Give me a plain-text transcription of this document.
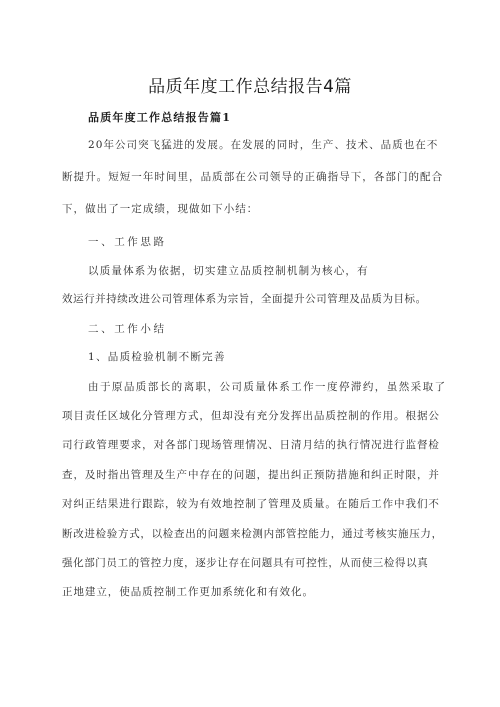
品质年度工作总结报告4篇
品质年度工作总结报告篇1
20年公司突飞猛进的发展。在发展的同时，生产、技术、品质也在不
断提升。短短一年时间里，品质部在公司领导的正确指导下，各部门的配合
下，做出了一定成绩，现做如下小结：
一、工作思路
以质量体系为依据，切实建立品质控制机制为核心，有
效运行并持续改进公司管理体系为宗旨，全面提升公司管理及品质为目标。
二、工作小结
1、品质检验机制不断完善
由于原品质部长的离职，公司质量体系工作一度停滞约，虽然采取了
项目责任区域化分管理方式，但却没有充分发挥出品质控制的作用。根据公
司行政管理要求，对各部门现场管理情况、日清月结的执行情况进行监督检
查，及时指出管理及生产中存在的问题，提出纠正预防措施和纠正时限，并
对纠正结果进行跟踪，较为有效地控制了管理及质量。在随后工作中我们不
断改进检验方式，以检查出的问题来检测内部管控能力，通过考核实施压力，
强化部门员工的管控力度，逐步让存在问题具有可控性，从而使三检得以真
正地建立，使品质控制工作更加系统化和有效化。
